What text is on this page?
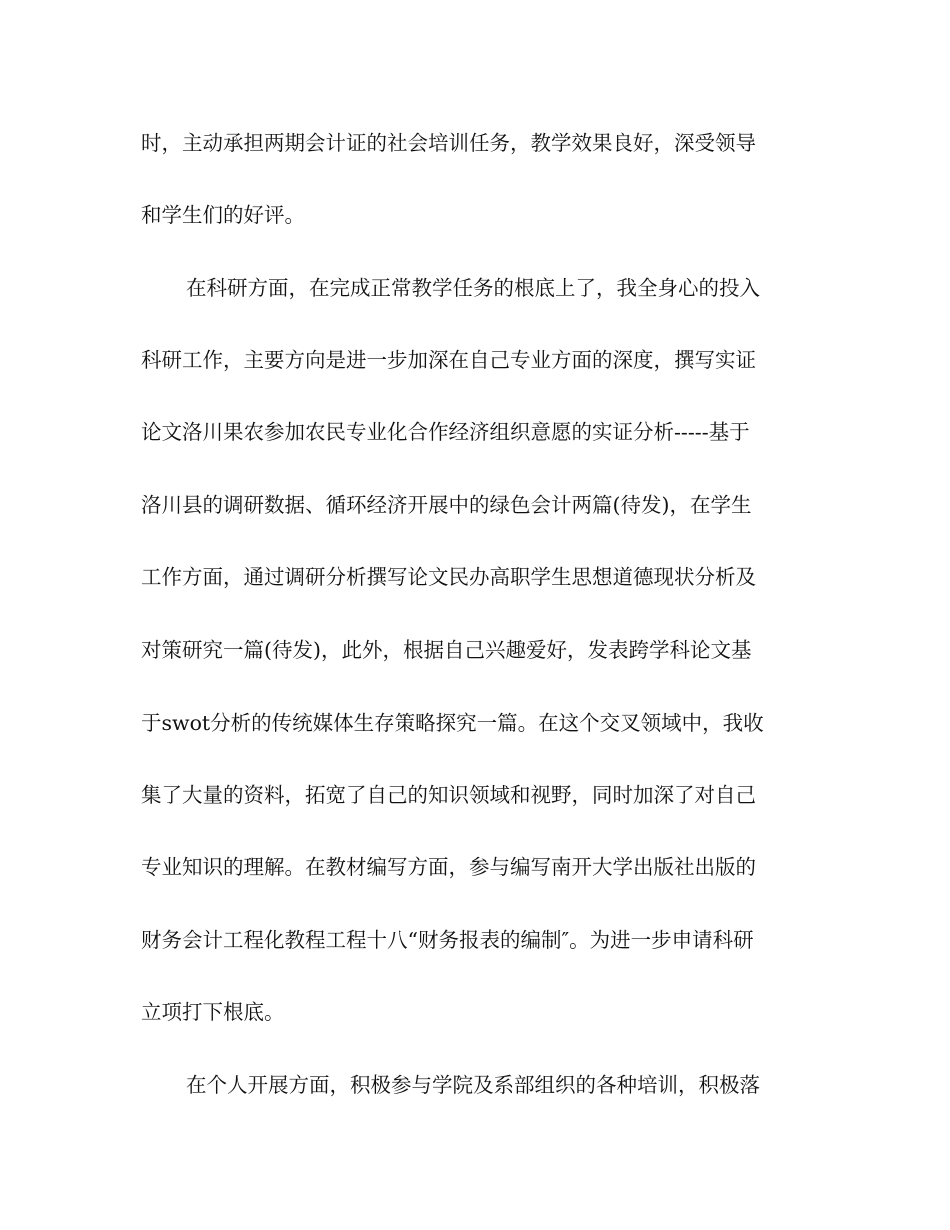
时，主动承担两期会计证的社会培训任务，教学效果良好，深受领导
和学生们的好评。
在科研方面，在完成正常教学任务的根底上了，我全身心的投入
科研工作，主要方向是进一步加深在自己专业方面的深度，撰写实证
论文洛川果农参加农民专业化合作经济组织意愿的实证分析-----基于
洛川县的调研数据、循环经济开展中的绿色会计两篇(待发)，在学生
工作方面，通过调研分析撰写论文民办高职学生思想道德现状分析及
对策研究一篇(待发)，此外，根据自己兴趣爱好，发表跨学科论文基
于swot分析的传统媒体生存策略探究一篇。在这个交叉领域中，我收
集了大量的资料，拓宽了自己的知识领域和视野，同时加深了对自己
专业知识的理解。在教材编写方面，参与编写南开大学出版社出版的
财务会计工程化教程工程十八“财务报表的编制″。为进一步申请科研
立项打下根底。
在个人开展方面，积极参与学院及系部组织的各种培训，积极落
